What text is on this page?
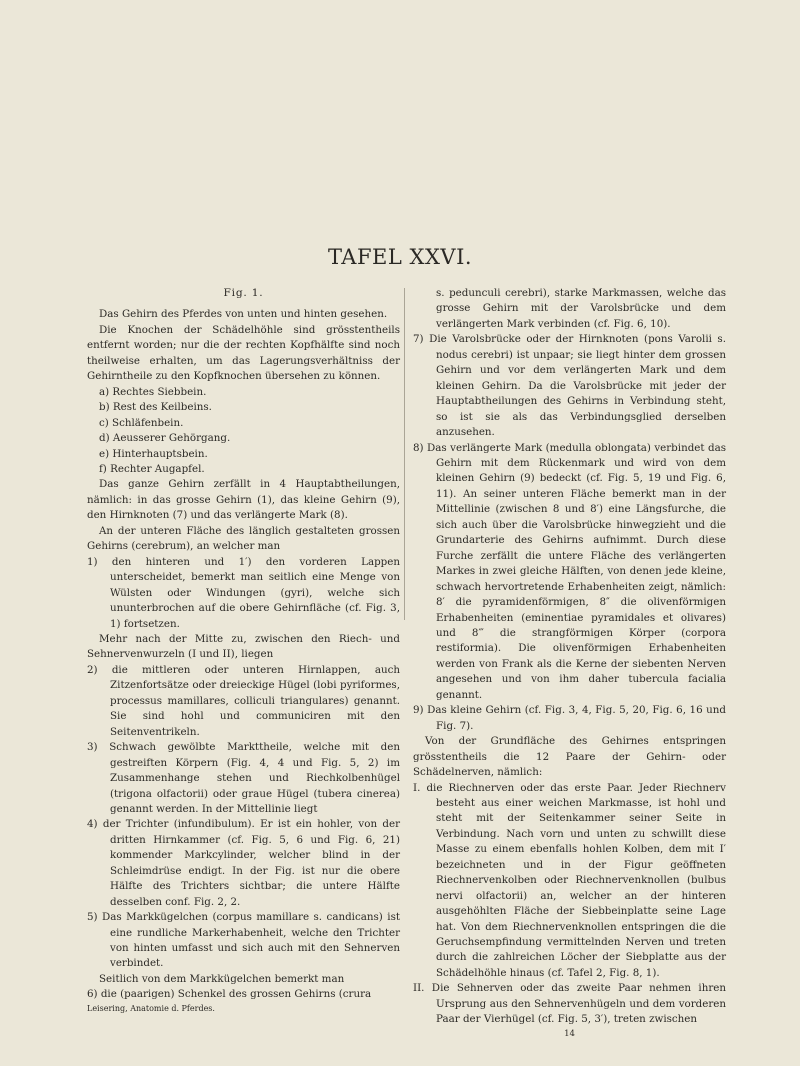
TAFEL XXVI.

Fig. 1.

Das Gehirn des Pferdes von unten und hinten gesehen.

Die Knochen der Schädelhöhle sind grösstentheils entfernt worden; nur die der rechten Kopfhälfte sind noch theilweise erhalten, um das Lagerungsverhältniss der Gehirntheile zu den Kopfknochen übersehen zu können.

a) Rechtes Siebbein.

b) Rest des Keilbeins.

c) Schläfenbein.

d) Aeusserer Gehörgang.

e) Hinterhauptsbein.

f) Rechter Augapfel.

Das ganze Gehirn zerfällt in 4 Hauptabtheilungen, nämlich: in das grosse Gehirn (1), das kleine Gehirn (9), den Hirnknoten (7) und das verlängerte Mark (8).

An der unteren Fläche des länglich gestalteten grossen Gehirns (cerebrum), an welcher man

1) den hinteren und 1′) den vorderen Lappen unterscheidet, bemerkt man seitlich eine Menge von Wülsten oder Windungen (gyri), welche sich ununterbrochen auf die obere Gehirnfläche (cf. Fig. 3, 1) fortsetzen.

Mehr nach der Mitte zu, zwischen den Riech- und Sehnervenwurzeln (I und II), liegen

2) die mittleren oder unteren Hirnlappen, auch Zitzenfortsätze oder dreieckige Hügel (lobi pyriformes, processus mamillares, colliculi triangulares) genannt. Sie sind hohl und communiciren mit den Seitenventrikeln.

3) Schwach gewölbte Markttheile, welche mit den gestreiften Körpern (Fig. 4, 4 und Fig. 5, 2) im Zusammenhange stehen und Riechkolbenhügel (trigona olfactorii) oder graue Hügel (tubera cinerea) genannt werden. In der Mittellinie liegt

4) der Trichter (infundibulum). Er ist ein hohler, von der dritten Hirnkammer (cf. Fig. 5, 6 und Fig. 6, 21) kommender Markcylinder, welcher blind in der Schleimdrüse endigt. In der Fig. ist nur die obere Hälfte des Trichters sichtbar; die untere Hälfte desselben conf. Fig. 2, 2.

5) Das Markkügelchen (corpus mamillare s. candicans) ist eine rundliche Markerhabenheit, welche den Trichter von hinten umfasst und sich auch mit den Sehnerven verbindet.

Seitlich von dem Markkügelchen bemerkt man

6) die (paarigen) Schenkel des grossen Gehirns (crura

Leisering, Anatomie d. Pferdes.

s. pedunculi cerebri), starke Markmassen, welche das grosse Gehirn mit der Varolsbrücke und dem verlängerten Mark verbinden (cf. Fig. 6, 10).

7) Die Varolsbrücke oder der Hirnknoten (pons Varolii s. nodus cerebri) ist unpaar; sie liegt hinter dem grossen Gehirn und vor dem verlängerten Mark und dem kleinen Gehirn. Da die Varolsbrücke mit jeder der Hauptabtheilungen des Gehirns in Verbindung steht, so ist sie als das Verbindungsglied derselben anzusehen.

8) Das verlängerte Mark (medulla oblongata) verbindet das Gehirn mit dem Rückenmark und wird von dem kleinen Gehirn (9) bedeckt (cf. Fig. 5, 19 und Fig. 6, 11). An seiner unteren Fläche bemerkt man in der Mittellinie (zwischen 8 und 8′) eine Längsfurche, die sich auch über die Varolsbrücke hinwegzieht und die Grundarterie des Gehirns aufnimmt. Durch diese Furche zerfällt die untere Fläche des verlängerten Markes in zwei gleiche Hälften, von denen jede kleine, schwach hervortretende Erhabenheiten zeigt, nämlich: 8′ die pyramidenförmigen, 8″ die olivenförmigen Erhabenheiten (eminentiae pyramidales et olivares) und 8‴ die strangförmigen Körper (corpora restiformia). Die olivenförmigen Erhabenheiten werden von Frank als die Kerne der siebenten Nerven angesehen und von ihm daher tubercula facialia genannt.

9) Das kleine Gehirn (cf. Fig. 3, 4, Fig. 5, 20, Fig. 6, 16 und Fig. 7).

Von der Grundfläche des Gehirnes entspringen grösstentheils die 12 Paare der Gehirn- oder Schädelnerven, nämlich:

I. die Riechnerven oder das erste Paar. Jeder Riechnerv besteht aus einer weichen Markmasse, ist hohl und steht mit der Seitenkammer seiner Seite in Verbindung. Nach vorn und unten zu schwillt diese Masse zu einem ebenfalls hohlen Kolben, dem mit I′ bezeichneten und in der Figur geöffneten Riechnervenkolben oder Riechnervenknollen (bulbus nervi olfactorii) an, welcher an der hinteren ausgehöhlten Fläche der Siebbeinplatte seine Lage hat. Von dem Riechnervenknollen entspringen die die Geruchsempfindung vermittelnden Nerven und treten durch die zahlreichen Löcher der Siebplatte aus der Schädelhöhle hinaus (cf. Tafel 2, Fig. 8, 1).

II. Die Sehnerven oder das zweite Paar nehmen ihren Ursprung aus den Sehnervenhügeln und dem vorderen Paar der Vierhügel (cf. Fig. 5, 3′), treten zwischen

14
